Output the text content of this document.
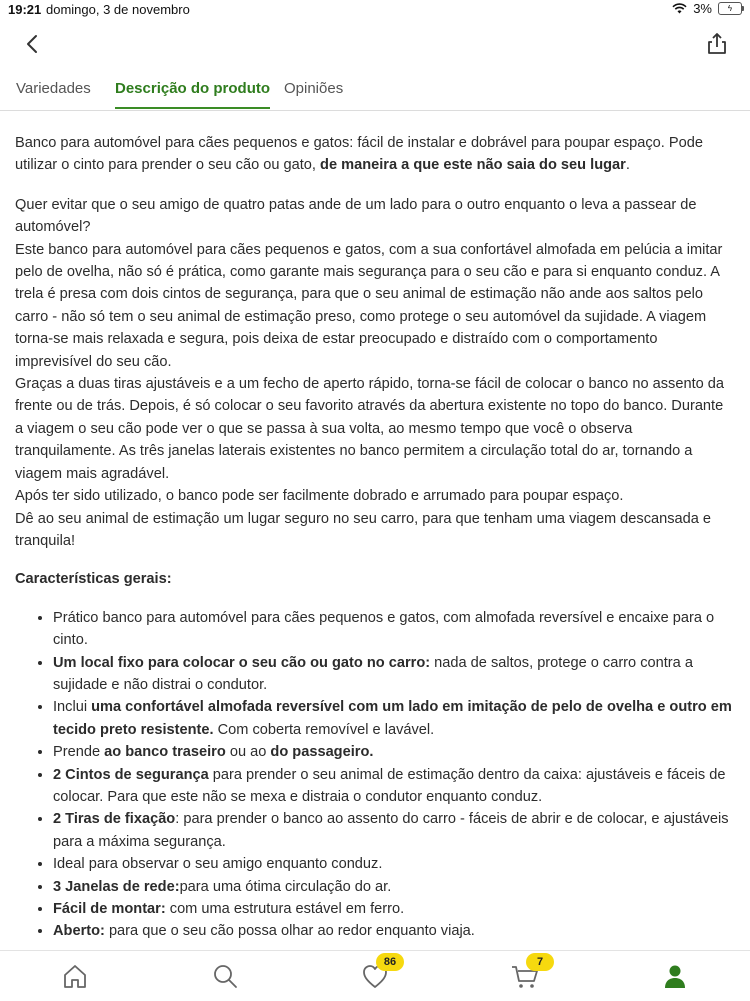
19:21 domingo, 3 de novembro	3%	ϟ
Variedades Descrição do produto Opiniões

Banco para automóvel para cães pequenos e gatos: fácil de instalar e dobrável para poupar espaço. Pode utilizar o cinto para prender o seu cão ou gato, de maneira a que este não saia do seu lugar.

Quer evitar que o seu amigo de quatro patas ande de um lado para o outro enquanto o leva a passear de automóvel?

Este banco para automóvel para cães pequenos e gatos, com a sua confortável almofada em pelúcia a imitar pelo de ovelha, não só é prática, como garante mais segurança para o seu cão e para si enquanto conduz. A trela é presa com dois cintos de segurança, para que o seu animal de estimação não ande aos saltos pelo carro - não só tem o seu animal de estimação preso, como protege o seu automóvel da sujidade. A viagem torna-se mais relaxada e segura, pois deixa de estar preocupado e distraído com o comportamento imprevisível do seu cão.

Graças a duas tiras ajustáveis e a um fecho de aperto rápido, torna-se fácil de colocar o banco no assento da frente ou de trás. Depois, é só colocar o seu favorito através da abertura existente no topo do banco. Durante a viagem o seu cão pode ver o que se passa à sua volta, ao mesmo tempo que você o observa tranquilamente. As três janelas laterais existentes no banco permitem a circulação total do ar, tornando a viagem mais agradável.

Após ter sido utilizado, o banco pode ser facilmente dobrado e arrumado para poupar espaço.

Dê ao seu animal de estimação um lugar seguro no seu carro, para que tenham uma viagem descansada e tranquila!

Características gerais:
• Prático banco para automóvel para cães pequenos e gatos, com almofada reversível e encaixe para o cinto.
• Um local fixo para colocar o seu cão ou gato no carro: nada de saltos, protege o carro contra a sujidade e não distrai o condutor.
• Inclui uma confortável almofada reversível com um lado em imitação de pelo de ovelha e outro em tecido preto resistente. Com coberta removível e lavável.
• Prende ao banco traseiro ou ao do passageiro.
• 2 Cintos de segurança para prender o seu animal de estimação dentro da caixa: ajustáveis e fáceis de colocar. Para que este não se mexa e distraia o condutor enquanto conduz.
• 2 Tiras de fixação: para prender o banco ao assento do carro - fáceis de abrir e de colocar, e ajustáveis para a máxima segurança.
• Ideal para observar o seu amigo enquanto conduz.
• 3 Janelas de rede:para uma ótima circulação do ar.
• Fácil de montar: com uma estrutura estável em ferro.
• Aberto: para que o seu cão possa olhar ao redor enquanto viaja.
86	7
